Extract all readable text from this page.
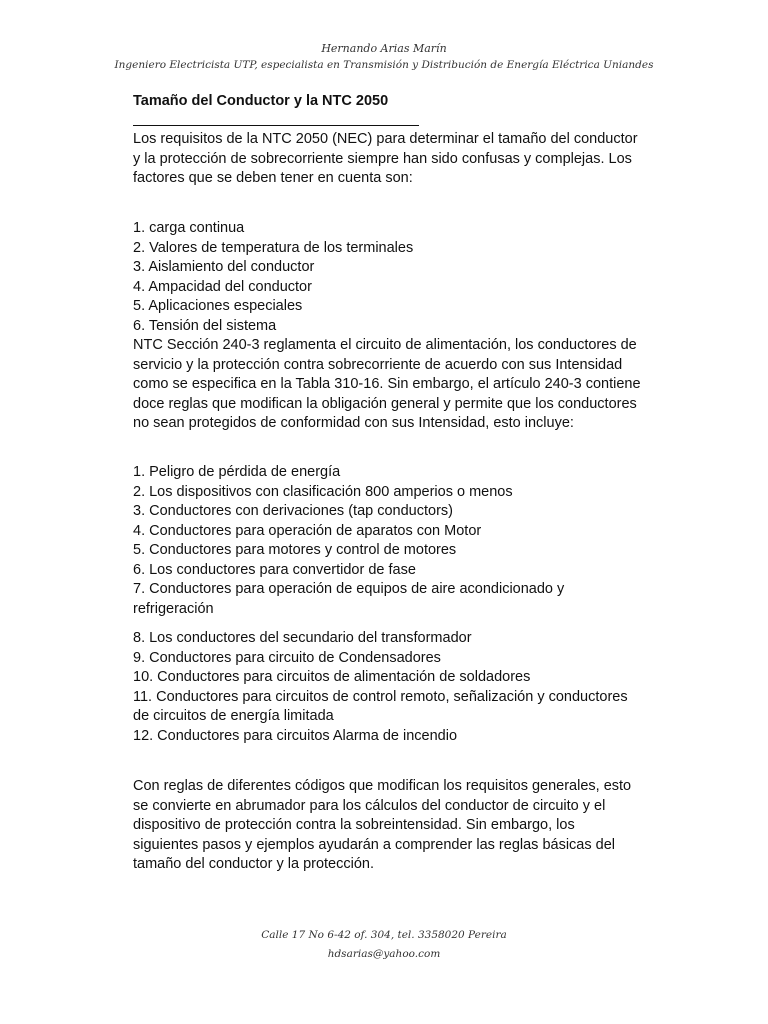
Hernando Arias Marín
Ingeniero Electricista UTP, especialista en Transmisión y Distribución de Energía Eléctrica Uniandes
Tamaño del Conductor y la NTC 2050

Los requisitos de la NTC 2050 (NEC) para determinar el tamaño del conductor y la protección de sobrecorriente siempre han sido confusas y complejas. Los factores que se deben tener en cuenta son:

1. carga continua
2. Valores de temperatura de los terminales
3. Aislamiento del conductor
4. Ampacidad del conductor
5. Aplicaciones especiales
6. Tensión del sistema

NTC Sección 240-3 reglamenta el circuito de alimentación, los conductores de servicio y la protección contra sobrecorriente de acuerdo con sus Intensidad como se especifica en la Tabla 310-16. Sin embargo, el artículo 240-3 contiene doce reglas que modifican la obligación general y permite que los conductores no sean protegidos de conformidad con sus Intensidad, esto incluye:

1. Peligro de pérdida de energía
2. Los dispositivos con clasificación 800 amperios o menos
3. Conductores con derivaciones (tap conductors)
4. Conductores para operación de aparatos con Motor
5. Conductores para motores y control de motores
6. Los conductores para convertidor de fase
7. Conductores para operación de equipos de aire acondicionado y refrigeración
8. Los conductores del secundario del transformador
9. Conductores para circuito de Condensadores
10. Conductores para circuitos de alimentación de soldadores
11. Conductores para circuitos de control remoto, señalización y conductores de circuitos de energía limitada
12. Conductores para circuitos Alarma de incendio

Con reglas de diferentes códigos que modifican los requisitos generales, esto se convierte en abrumador para los cálculos del conductor de circuito y el dispositivo de protección contra la sobreintensidad. Sin embargo, los siguientes pasos y ejemplos ayudarán a comprender las reglas básicas del tamaño del conductor y la protección.

Calle 17 No 6-42 of. 304, tel. 3358020 Pereira
hdsarias@yahoo.com
